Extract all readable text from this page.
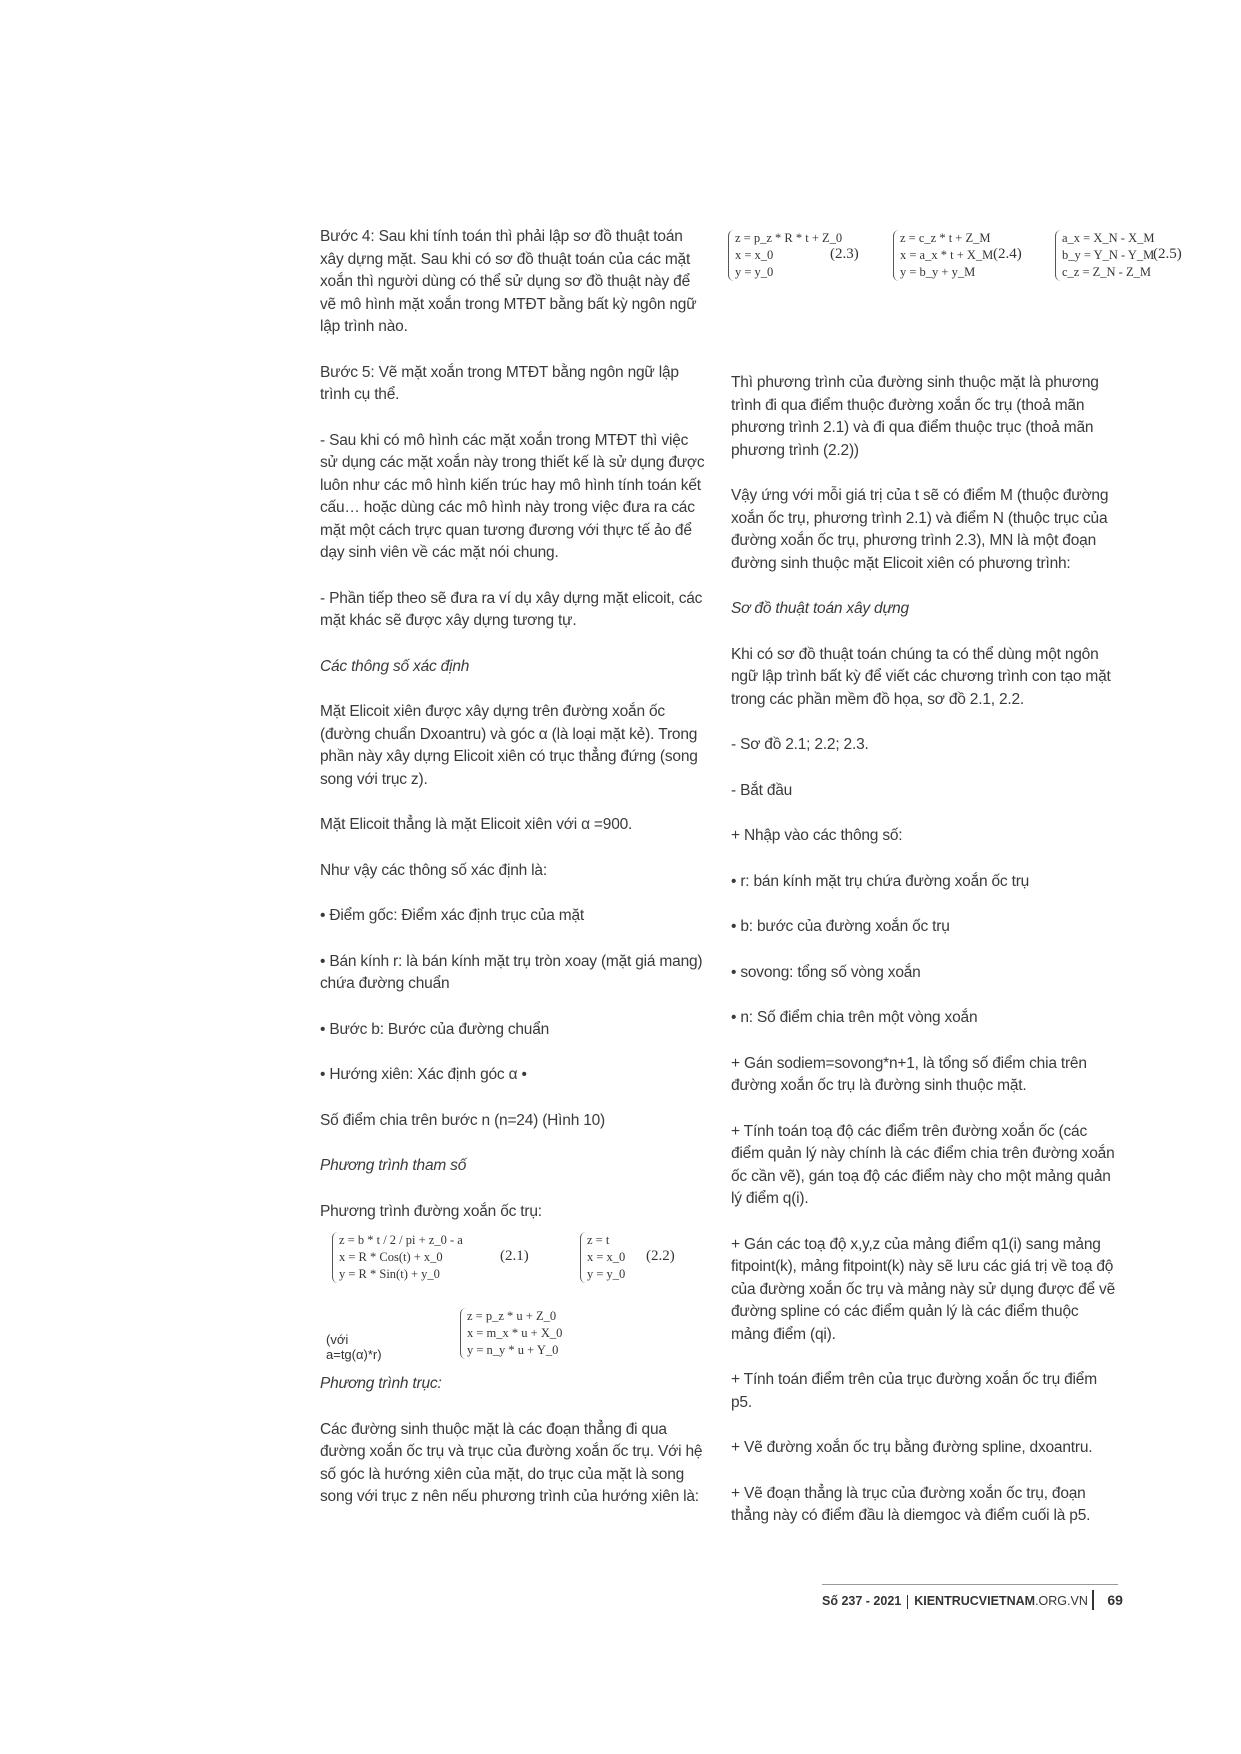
z = p_z * R * t + Z_0
x = x_0
y = y_0
(2.3)
z = c_z * t + Z_M
x = a_x * t + X_M
y = b_y + y_M
(2.4)
a_x = X_N - X_M
b_y = Y_N - Y_M
c_z = Z_N - Z_M
(2.5)

Bước 4: Sau khi tính toán thì phải lập sơ đồ thuật toán xây dựng mặt. Sau khi có sơ đồ thuật toán của các mặt xoắn thì người dùng có thể sử dụng sơ đồ thuật này để vẽ mô hình mặt xoắn trong MTĐT bằng bất kỳ ngôn ngữ lập trình nào.

Bước 5: Vẽ mặt xoắn trong MTĐT bằng ngôn ngữ lập trình cụ thể.

- Sau khi có mô hình các mặt xoắn trong MTĐT thì việc sử dụng các mặt xoắn này trong thiết kế là sử dụng được luôn như các mô hình kiến trúc hay mô hình tính toán kết cấu… hoặc dùng các mô hình này trong việc đưa ra các mặt một cách trực quan tương đương với thực tế ảo để dạy sinh viên về các mặt nói chung.

- Phần tiếp theo sẽ đưa ra ví dụ xây dựng mặt elicoit, các mặt khác sẽ được xây dựng tương tự.

Các thông số xác định

Mặt Elicoit xiên được xây dựng trên đường xoắn ốc (đường chuẩn Dxoantru) và góc α (là loại mặt kẻ). Trong phần này xây dựng Elicoit xiên có trục thẳng đứng (song song với trục z).

Mặt Elicoit thẳng là mặt Elicoit xiên với α =900.

Như vậy các thông số xác định là:

• Điểm gốc: Điểm xác định trục của mặt

• Bán kính r: là bán kính mặt trụ tròn xoay (mặt giá mang) chứa đường chuẩn

• Bước b: Bước của đường chuẩn

• Hướng xiên: Xác định góc α •

Số điểm chia trên bước n (n=24) (Hình 10)

Phương trình tham số

Phương trình đường xoắn ốc trụ:

z = b * t / 2 / pi + z_0 - a
x = R * Cos(t) + x_0
y = R * Sin(t) + y_0
(2.1)
z = t
x = x_0
y = y_0
(2.2)
(với a=tg(α)*r)
z = p_z * u + Z_0
x = m_x * u + X_0
y = n_y * u + Y_0

Phương trình trục:

Các đường sinh thuộc mặt là các đoạn thẳng đi qua đường xoắn ốc trụ và trục của đường xoắn ốc trụ. Với hệ số góc là hướng xiên của mặt, do trục của mặt là song song với trục z nên nếu phương trình của hướng xiên là:

Thì phương trình của đường sinh thuộc mặt là phương trình đi qua điểm thuộc đường xoắn ốc trụ (thoả mãn phương trình 2.1) và đi qua điểm thuộc trục (thoả mãn phương trình (2.2))

Vậy ứng với mỗi giá trị của t sẽ có điểm M (thuộc đường xoắn ốc trụ, phương trình 2.1) và điểm N (thuộc trục của đường xoắn ốc trụ, phương trình 2.3), MN là một đoạn đường sinh thuộc mặt Elicoit xiên có phương trình:

Sơ đồ thuật toán xây dựng

Khi có sơ đồ thuật toán chúng ta có thể dùng một ngôn ngữ lập trình bất kỳ để viết các chương trình con tạo mặt trong các phần mềm đồ họa, sơ đồ 2.1, 2.2.

- Sơ đồ 2.1; 2.2; 2.3.

- Bắt đầu

+ Nhập vào các thông số:

• r: bán kính mặt trụ chứa đường xoắn ốc trụ

• b: bước của đường xoắn ốc trụ

• sovong: tổng số vòng xoắn

• n: Số điểm chia trên một vòng xoắn

+ Gán sodiem=sovong*n+1, là tổng số điểm chia trên đường xoắn ốc trụ là đường sinh thuộc mặt.

+ Tính toán toạ độ các điểm trên đường xoắn ốc (các điểm quản lý này chính là các điểm chia trên đường xoắn ốc cần vẽ), gán toạ độ các điểm này cho một mảng quản lý điểm q(i).

+ Gán các toạ độ x,y,z của mảng điểm q1(i) sang mảng fitpoint(k), mảng fitpoint(k) này sẽ lưu các giá trị về toạ độ của đường xoắn ốc trụ và mảng này sử dụng được để vẽ đường spline có các điểm quản lý là các điểm thuộc mảng điểm (qi).

+ Tính toán điểm trên của trục đường xoắn ốc trụ điểm p5.

+ Vẽ đường xoắn ốc trụ bằng đường spline, dxoantru.

+ Vẽ đoạn thẳng là trục của đường xoắn ốc trụ, đoạn thẳng này có điểm đầu là diemgoc và điểm cuối là p5.

Số 237 - 2021 KIENTRUCVIETNAM.ORG.VN 69
